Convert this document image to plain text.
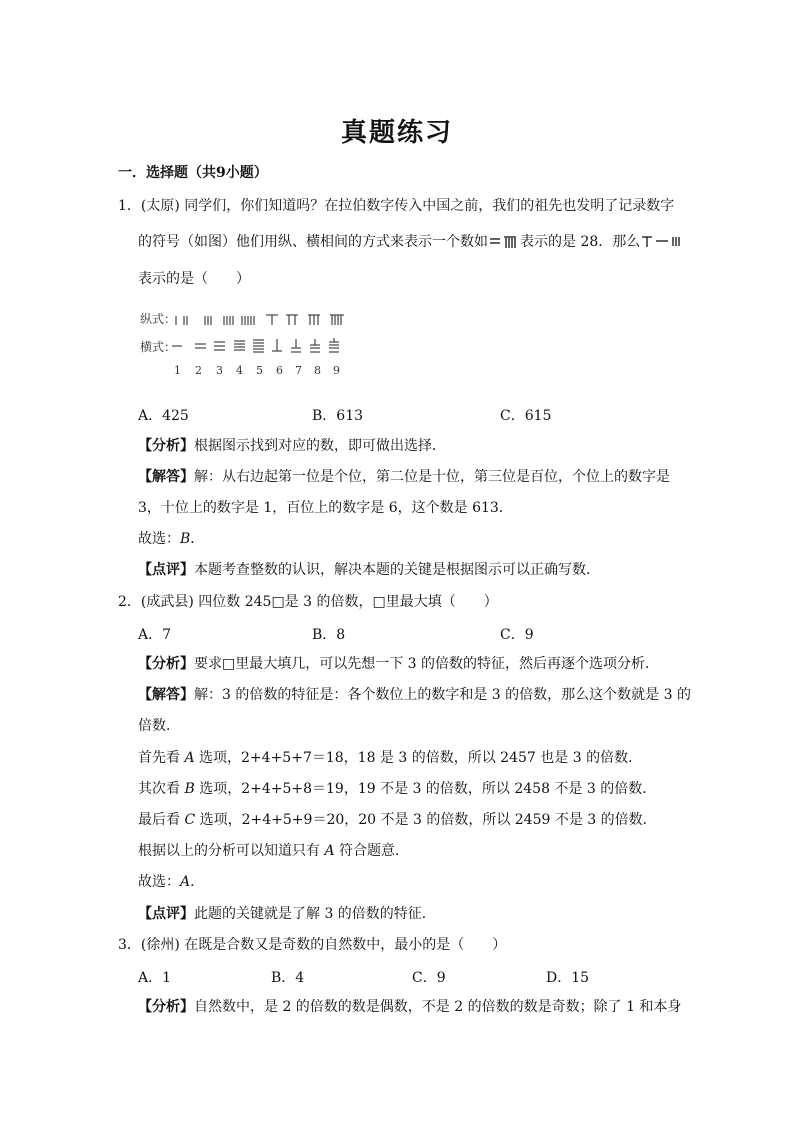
真题练习
一．选择题（共9小题）
1．(太原) 同学们，你们知道吗？在拉伯数字传入中国之前，我们的祖先也发明了记录数字
的符号（如图）他们用纵、横相间的方式来表示一个数如 表示的是 28．那么
表示的是（　　）
纵式：
横式：
1 2 3 4 5 6 7 8 9
A．425	B．613	C．615
【分析】根据图示找到对应的数，即可做出选择．
【解答】解：从右边起第一位是个位，第二位是十位，第三位是百位，个位上的数字是
3，十位上的数字是 1，百位上的数字是 6，这个数是 613．
故选：B．
【点评】本题考查整数的认识，解决本题的关键是根据图示可以正确写数．
2．(成武县) 四位数 245□是 3 的倍数，□里最大填（　　）
A．7	B．8	C．9
【分析】要求□里最大填几，可以先想一下 3 的倍数的特征，然后再逐个选项分析．
【解答】解：3 的倍数的特征是：各个数位上的数字和是 3 的倍数，那么这个数就是 3 的
倍数．
首先看 A 选项，2+4+5+7＝18，18 是 3 的倍数，所以 2457 也是 3 的倍数．
其次看 B 选项，2+4+5+8＝19，19 不是 3 的倍数，所以 2458 不是 3 的倍数．
最后看 C 选项，2+4+5+9＝20，20 不是 3 的倍数，所以 2459 不是 3 的倍数．
根据以上的分析可以知道只有 A 符合题意．
故选：A．
【点评】此题的关键就是了解 3 的倍数的特征．
3．(徐州) 在既是合数又是奇数的自然数中，最小的是（　　）
A．1	B．4	C．9	D．15
【分析】自然数中，是 2 的倍数的数是偶数，不是 2 的倍数的数是奇数；除了 1 和本身
